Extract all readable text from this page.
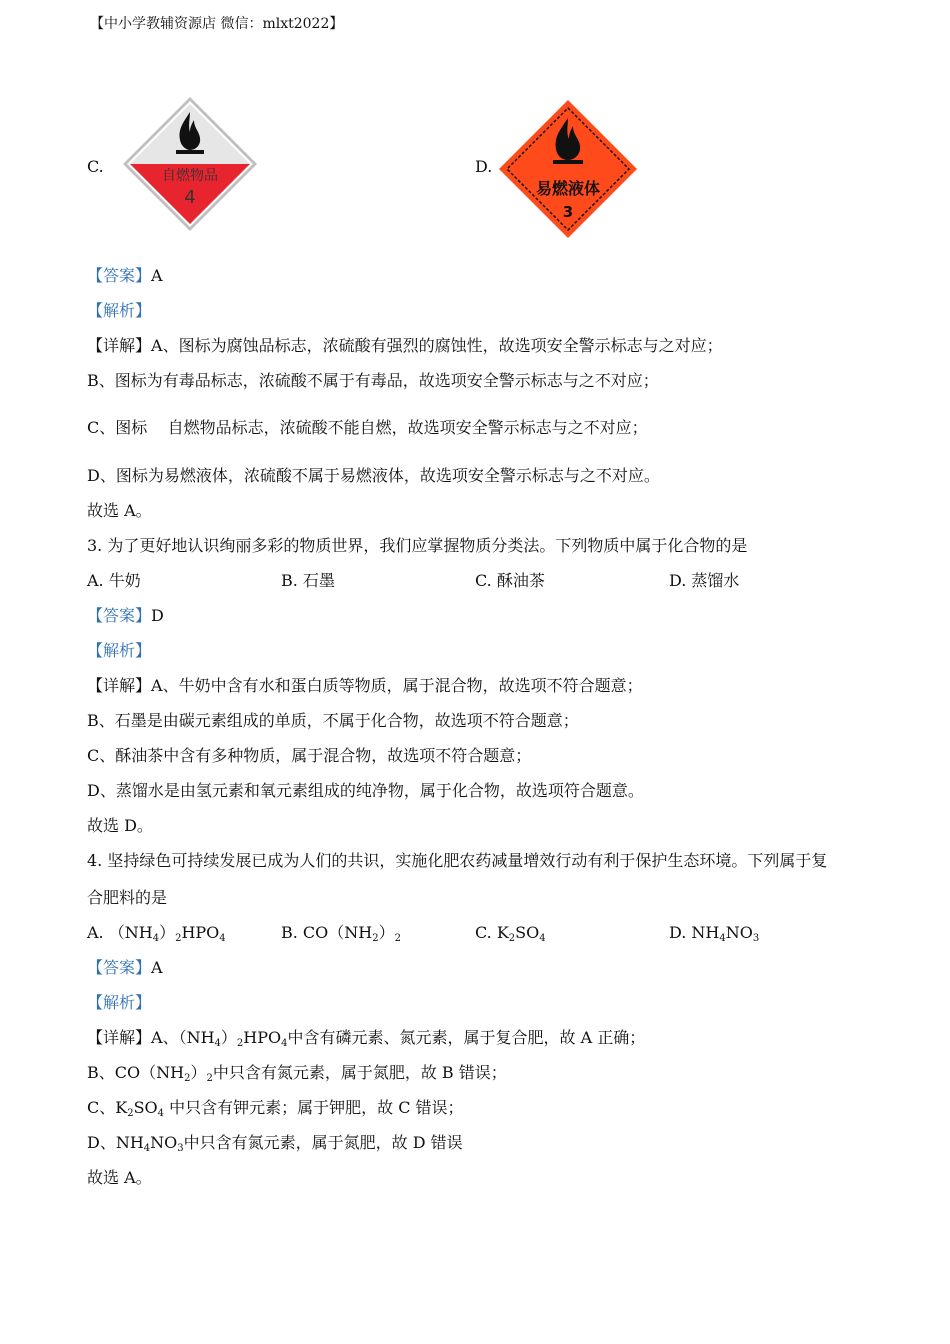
【中小学教辅资源店 微信：mlxt2022】
C.	自燃物品
4
D.
易燃液体
3
【答案】A
【解析】
【详解】A、图标为腐蚀品标志，浓硫酸有强烈的腐蚀性，故选项安全警示标志与之对应；
B、图标为有毒品标志，浓硫酸不属于有毒品，故选项安全警示标志与之不对应；
C、图标    自燃物品标志，浓硫酸不能自燃，故选项安全警示标志与之不对应；
D、图标为易燃液体，浓硫酸不属于易燃液体，故选项安全警示标志与之不对应。
故选 A。
3. 为了更好地认识绚丽多彩的物质世界，我们应掌握物质分类法。下列物质中属于化合物的是
A. 牛奶	B. 石墨	C. 酥油茶	D. 蒸馏水
【答案】D
【解析】
【详解】A、牛奶中含有水和蛋白质等物质，属于混合物，故选项不符合题意；
B、石墨是由碳元素组成的单质，不属于化合物，故选项不符合题意；
C、酥油茶中含有多种物质，属于混合物，故选项不符合题意；
D、蒸馏水是由氢元素和氧元素组成的纯净物，属于化合物，故选项符合题意。
故选 D。
4. 坚持绿色可持续发展已成为人们的共识，实施化肥农药减量增效行动有利于保护生态环境。下列属于复
合肥料的是
A. $(NH_4)_2HPO_4$	B. $CO(NH_2)_2$	C. $K_2SO_4$	D. $NH_4NO_3$
【答案】A
【解析】
【详解】A、$(NH_4)_2HPO_4$中含有磷元素、氮元素，属于复合肥，故 A 正确；
B、$CO(NH_2)_2$中只含有氮元素，属于氮肥，故 B 错误；
C、$K_2SO_4$ 中只含有钾元素；属于钾肥，故 C 错误；
D、$NH_4NO_3$中只含有氮元素，属于氮肥，故 D 错误
故选 A。
